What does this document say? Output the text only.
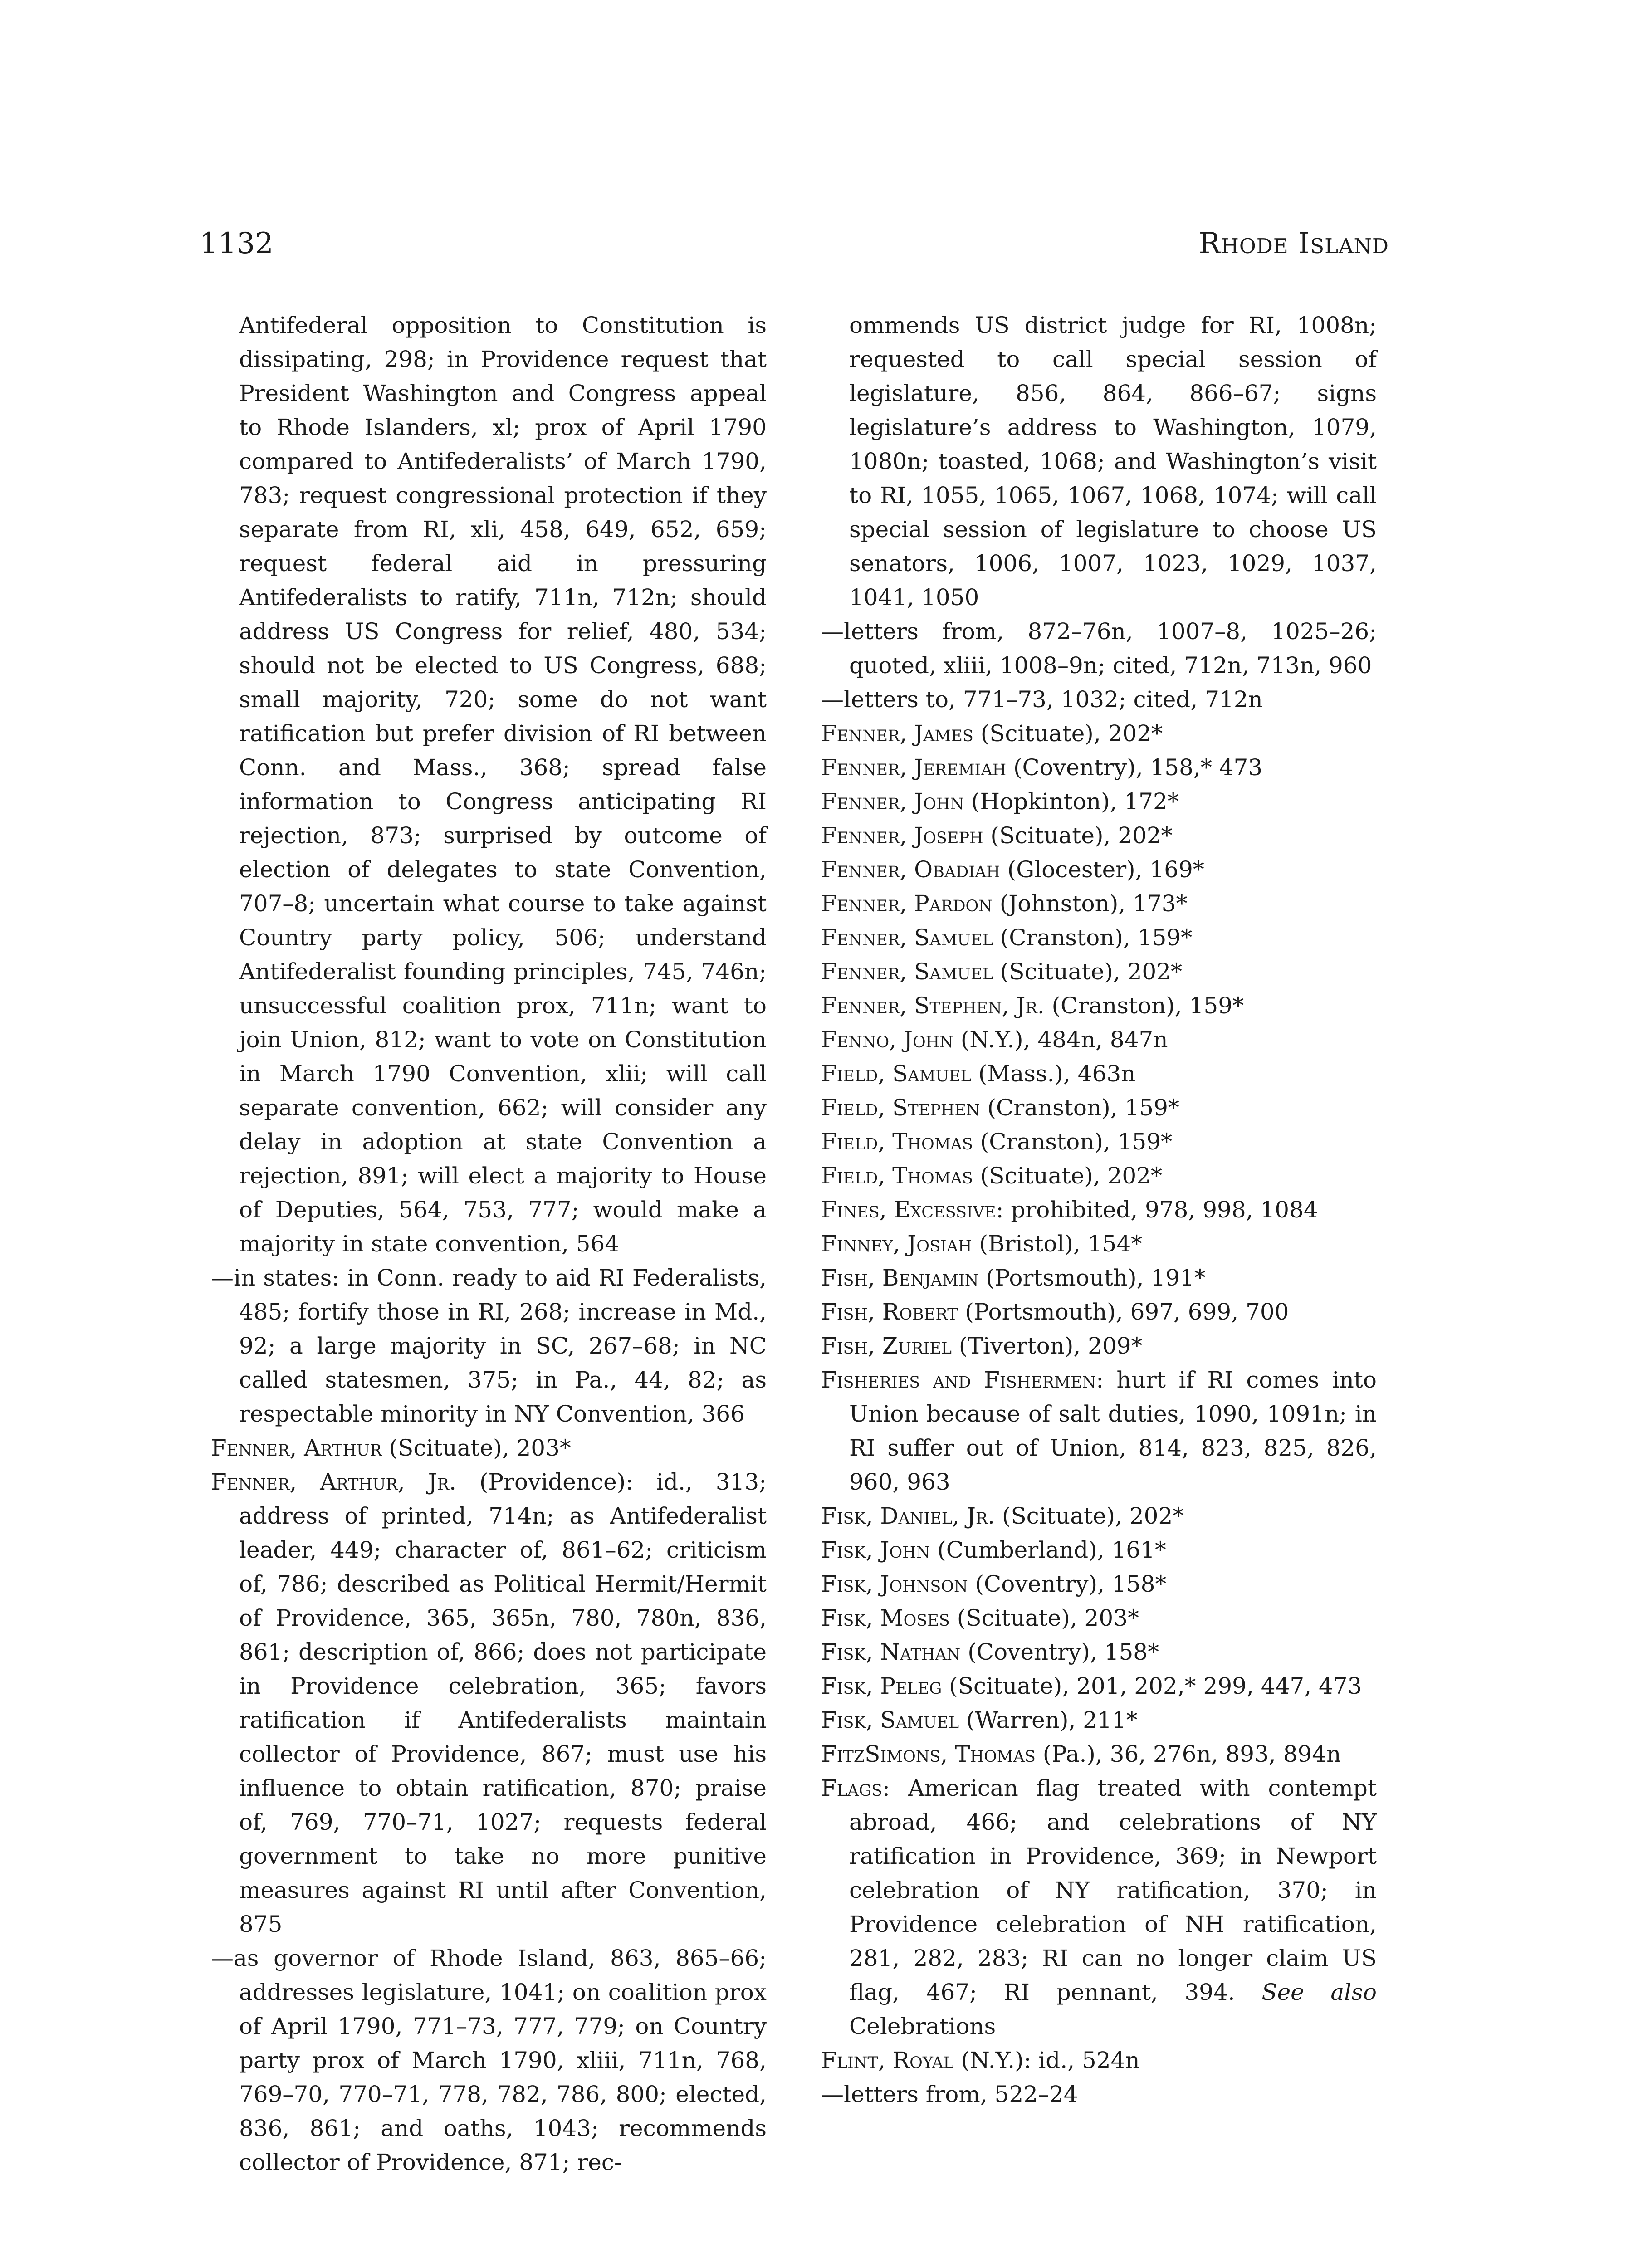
1132	Rhode Island

Antifederal opposition to Constitution is dissipating, 298; in Providence request that President Washington and Congress appeal to Rhode Islanders, xl; prox of April 1790 compared to Antifederalists’ of March 1790, 783; request congressional protection if they separate from RI, xli, 458, 649, 652, 659; request federal aid in pressuring Antifederalists to ratify, 711n, 712n; should address US Congress for relief, 480, 534; should not be elected to US Congress, 688; small majority, 720; some do not want ratification but prefer division of RI between Conn. and Mass., 368; spread false information to Congress anticipating RI rejection, 873; surprised by outcome of election of delegates to state Convention, 707–8; uncertain what course to take against Country party policy, 506; understand Antifederalist founding principles, 745, 746n; unsuccessful coalition prox, 711n; want to join Union, 812; want to vote on Constitution in March 1790 Convention, xlii; will call separate convention, 662; will consider any delay in adoption at state Convention a rejection, 891; will elect a majority to House of Deputies, 564, 753, 777; would make a majority in state convention, 564

—in states: in Conn. ready to aid RI Federalists, 485; fortify those in RI, 268; increase in Md., 92; a large majority in SC, 267–68; in NC called statesmen, 375; in Pa., 44, 82; as respectable minority in NY Convention, 366

Fenner, Arthur (Scituate), 203*

Fenner, Arthur, Jr. (Providence): id., 313; address of printed, 714n; as Antifederalist leader, 449; character of, 861–62; criticism of, 786; described as Political Hermit/Hermit of Providence, 365, 365n, 780, 780n, 836, 861; description of, 866; does not participate in Providence celebration, 365; favors ratification if Antifederalists maintain collector of Providence, 867; must use his influence to obtain ratification, 870; praise of, 769, 770–71, 1027; requests federal government to take no more punitive measures against RI until after Convention, 875

—as governor of Rhode Island, 863, 865–66; addresses legislature, 1041; on coalition prox of April 1790, 771–73, 777, 779; on Country party prox of March 1790, xliii, 711n, 768, 769–70, 770–71, 778, 782, 786, 800; elected, 836, 861; and oaths, 1043; recommends collector of Providence, 871; rec-

ommends US district judge for RI, 1008n; requested to call special session of legislature, 856, 864, 866–67; signs legislature’s address to Washington, 1079, 1080n; toasted, 1068; and Washington’s visit to RI, 1055, 1065, 1067, 1068, 1074; will call special session of legislature to choose US senators, 1006, 1007, 1023, 1029, 1037, 1041, 1050

—letters from, 872–76n, 1007–8, 1025–26; quoted, xliii, 1008–9n; cited, 712n, 713n, 960

—letters to, 771–73, 1032; cited, 712n

Fenner, James (Scituate), 202*

Fenner, Jeremiah (Coventry), 158,* 473

Fenner, John (Hopkinton), 172*

Fenner, Joseph (Scituate), 202*

Fenner, Obadiah (Glocester), 169*

Fenner, Pardon (Johnston), 173*

Fenner, Samuel (Cranston), 159*

Fenner, Samuel (Scituate), 202*

Fenner, Stephen, Jr. (Cranston), 159*

Fenno, John (N.Y.), 484n, 847n

Field, Samuel (Mass.), 463n

Field, Stephen (Cranston), 159*

Field, Thomas (Cranston), 159*

Field, Thomas (Scituate), 202*

Fines, Excessive: prohibited, 978, 998, 1084

Finney, Josiah (Bristol), 154*

Fish, Benjamin (Portsmouth), 191*

Fish, Robert (Portsmouth), 697, 699, 700

Fish, Zuriel (Tiverton), 209*

Fisheries and Fishermen: hurt if RI comes into Union because of salt duties, 1090, 1091n; in RI suffer out of Union, 814, 823, 825, 826, 960, 963

Fisk, Daniel, Jr. (Scituate), 202*

Fisk, John (Cumberland), 161*

Fisk, Johnson (Coventry), 158*

Fisk, Moses (Scituate), 203*

Fisk, Nathan (Coventry), 158*

Fisk, Peleg (Scituate), 201, 202,* 299, 447, 473

Fisk, Samuel (Warren), 211*

FitzSimons, Thomas (Pa.), 36, 276n, 893, 894n

Flags: American flag treated with contempt abroad, 466; and celebrations of NY ratification in Providence, 369; in Newport celebration of NY ratification, 370; in Providence celebration of NH ratification, 281, 282, 283; RI can no longer claim US flag, 467; RI pennant, 394. See also Celebrations

Flint, Royal (N.Y.): id., 524n

—letters from, 522–24
